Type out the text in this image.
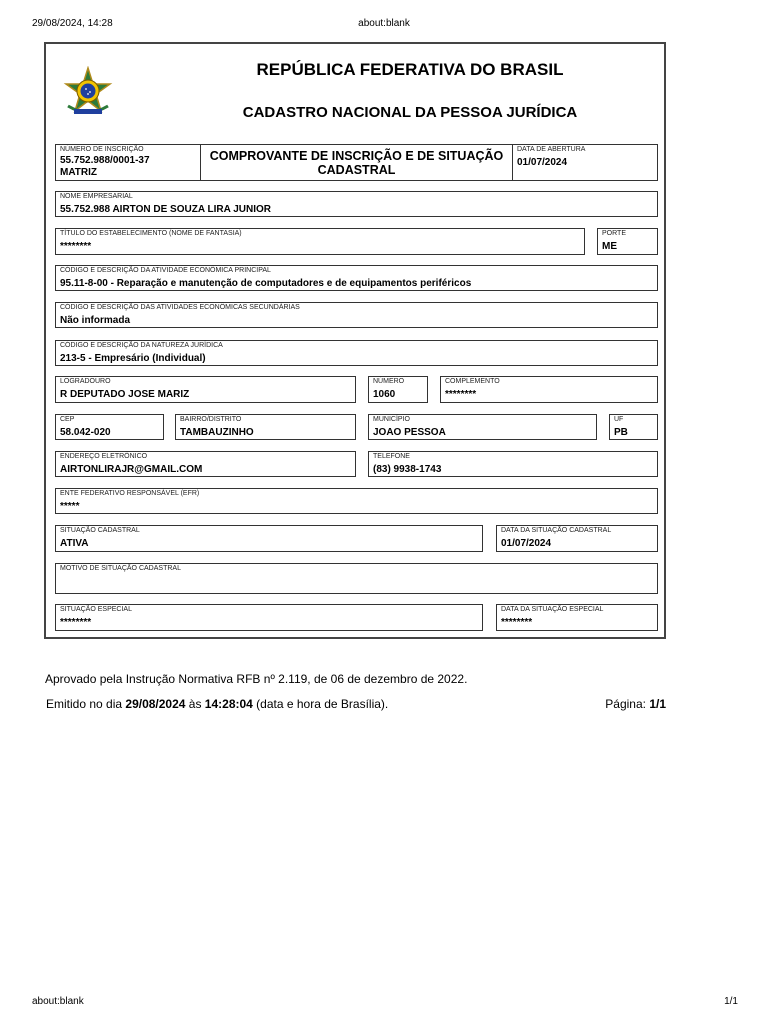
29/08/2024, 14:28	about:blank
REPÚBLICA FEDERATIVA DO BRASIL
CADASTRO NACIONAL DA PESSOA JURÍDICA
NÚMERO DE INSCRIÇÃO
55.752.988/0001-37
MATRIZ
COMPROVANTE DE INSCRIÇÃO E DE SITUAÇÃO CADASTRAL
DATA DE ABERTURA
01/07/2024
NOME EMPRESARIAL
55.752.988 AIRTON DE SOUZA LIRA JUNIOR
TÍTULO DO ESTABELECIMENTO (NOME DE FANTASIA)
********
PORTE
ME
CÓDIGO E DESCRIÇÃO DA ATIVIDADE ECONÔMICA PRINCIPAL
95.11-8-00 - Reparação e manutenção de computadores e de equipamentos periféricos
CÓDIGO E DESCRIÇÃO DAS ATIVIDADES ECONÔMICAS SECUNDÁRIAS
Não informada
CÓDIGO E DESCRIÇÃO DA NATUREZA JURÍDICA
213-5 - Empresário (Individual)
LOGRADOURO
R DEPUTADO JOSE MARIZ
NÚMERO
1060
COMPLEMENTO
********
CEP
58.042-020
BAIRRO/DISTRITO
TAMBAUZINHO
MUNICÍPIO
JOAO PESSOA
UF
PB
ENDEREÇO ELETRÔNICO
AIRTONLIRAJR@GMAIL.COM
TELEFONE
(83) 9938-1743
ENTE FEDERATIVO RESPONSÁVEL (EFR)
*****
SITUAÇÃO CADASTRAL
ATIVA
DATA DA SITUAÇÃO CADASTRAL
01/07/2024
MOTIVO DE SITUAÇÃO CADASTRAL
SITUAÇÃO ESPECIAL
********
DATA DA SITUAÇÃO ESPECIAL
********
Aprovado pela Instrução Normativa RFB nº 2.119, de 06 de dezembro de 2022.
Emitido no dia 29/08/2024 às 14:28:04 (data e hora de Brasília).	Página: 1/1
about:blank	1/1
